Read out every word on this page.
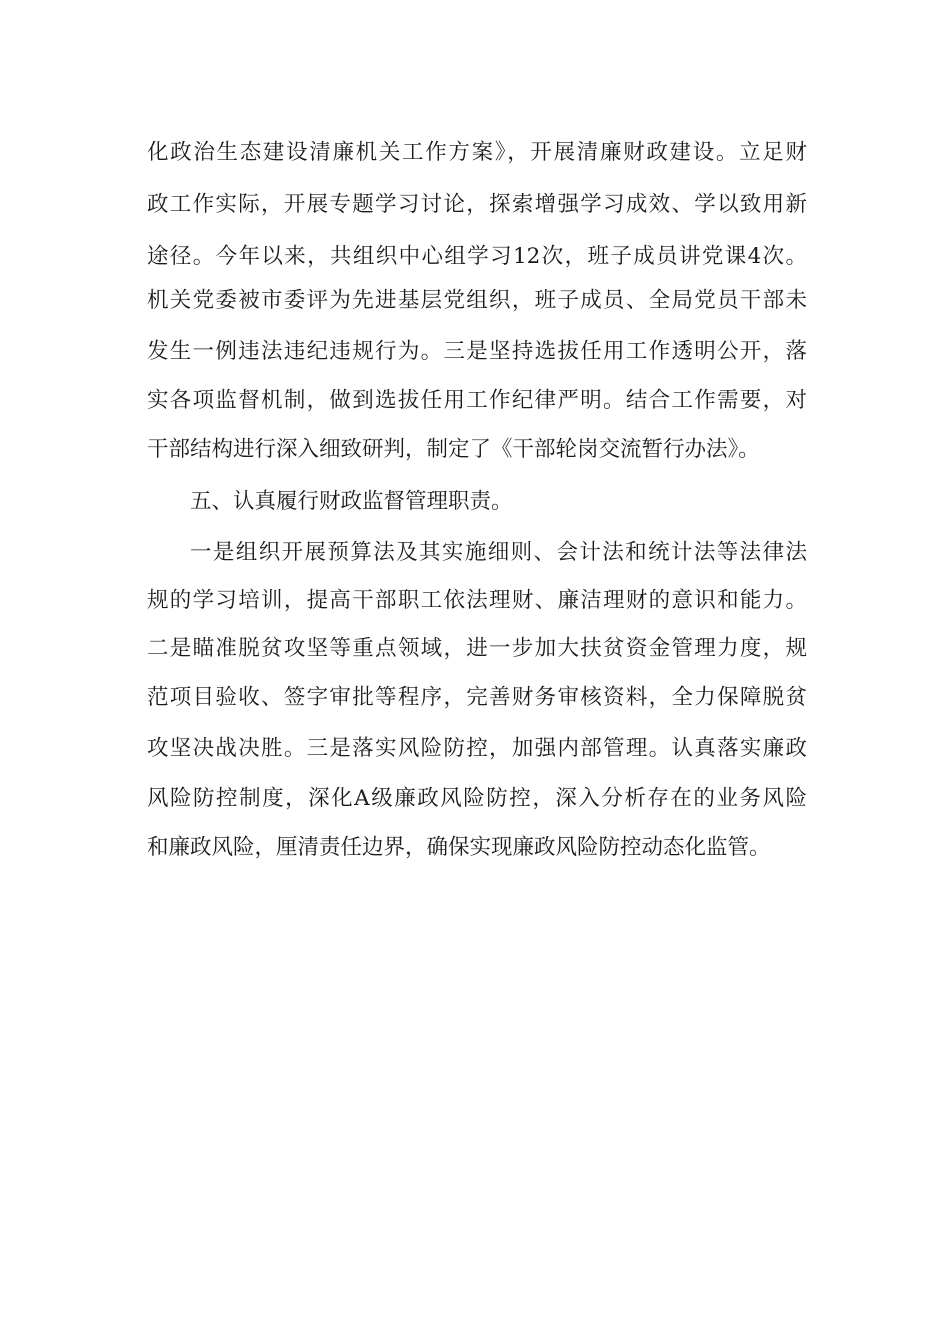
化政治生态建设清廉机关工作方案》，开展清廉财政建设。立足财
政工作实际，开展专题学习讨论，探索增强学习成效、学以致用新
途径。今年以来，共组织中心组学习12次，班子成员讲党课4次。
机关党委被市委评为先进基层党组织，班子成员、全局党员干部未
发生一例违法违纪违规行为。三是坚持选拔任用工作透明公开，落
实各项监督机制，做到选拔任用工作纪律严明。结合工作需要，对
干部结构进行深入细致研判，制定了《干部轮岗交流暂行办法》。
五、认真履行财政监督管理职责。
一是组织开展预算法及其实施细则、会计法和统计法等法律法
规的学习培训，提高干部职工依法理财、廉洁理财的意识和能力。
二是瞄准脱贫攻坚等重点领域，进一步加大扶贫资金管理力度，规
范项目验收、签字审批等程序，完善财务审核资料，全力保障脱贫
攻坚决战决胜。三是落实风险防控，加强内部管理。认真落实廉政
风险防控制度，深化A级廉政风险防控，深入分析存在的业务风险
和廉政风险，厘清责任边界，确保实现廉政风险防控动态化监管。
